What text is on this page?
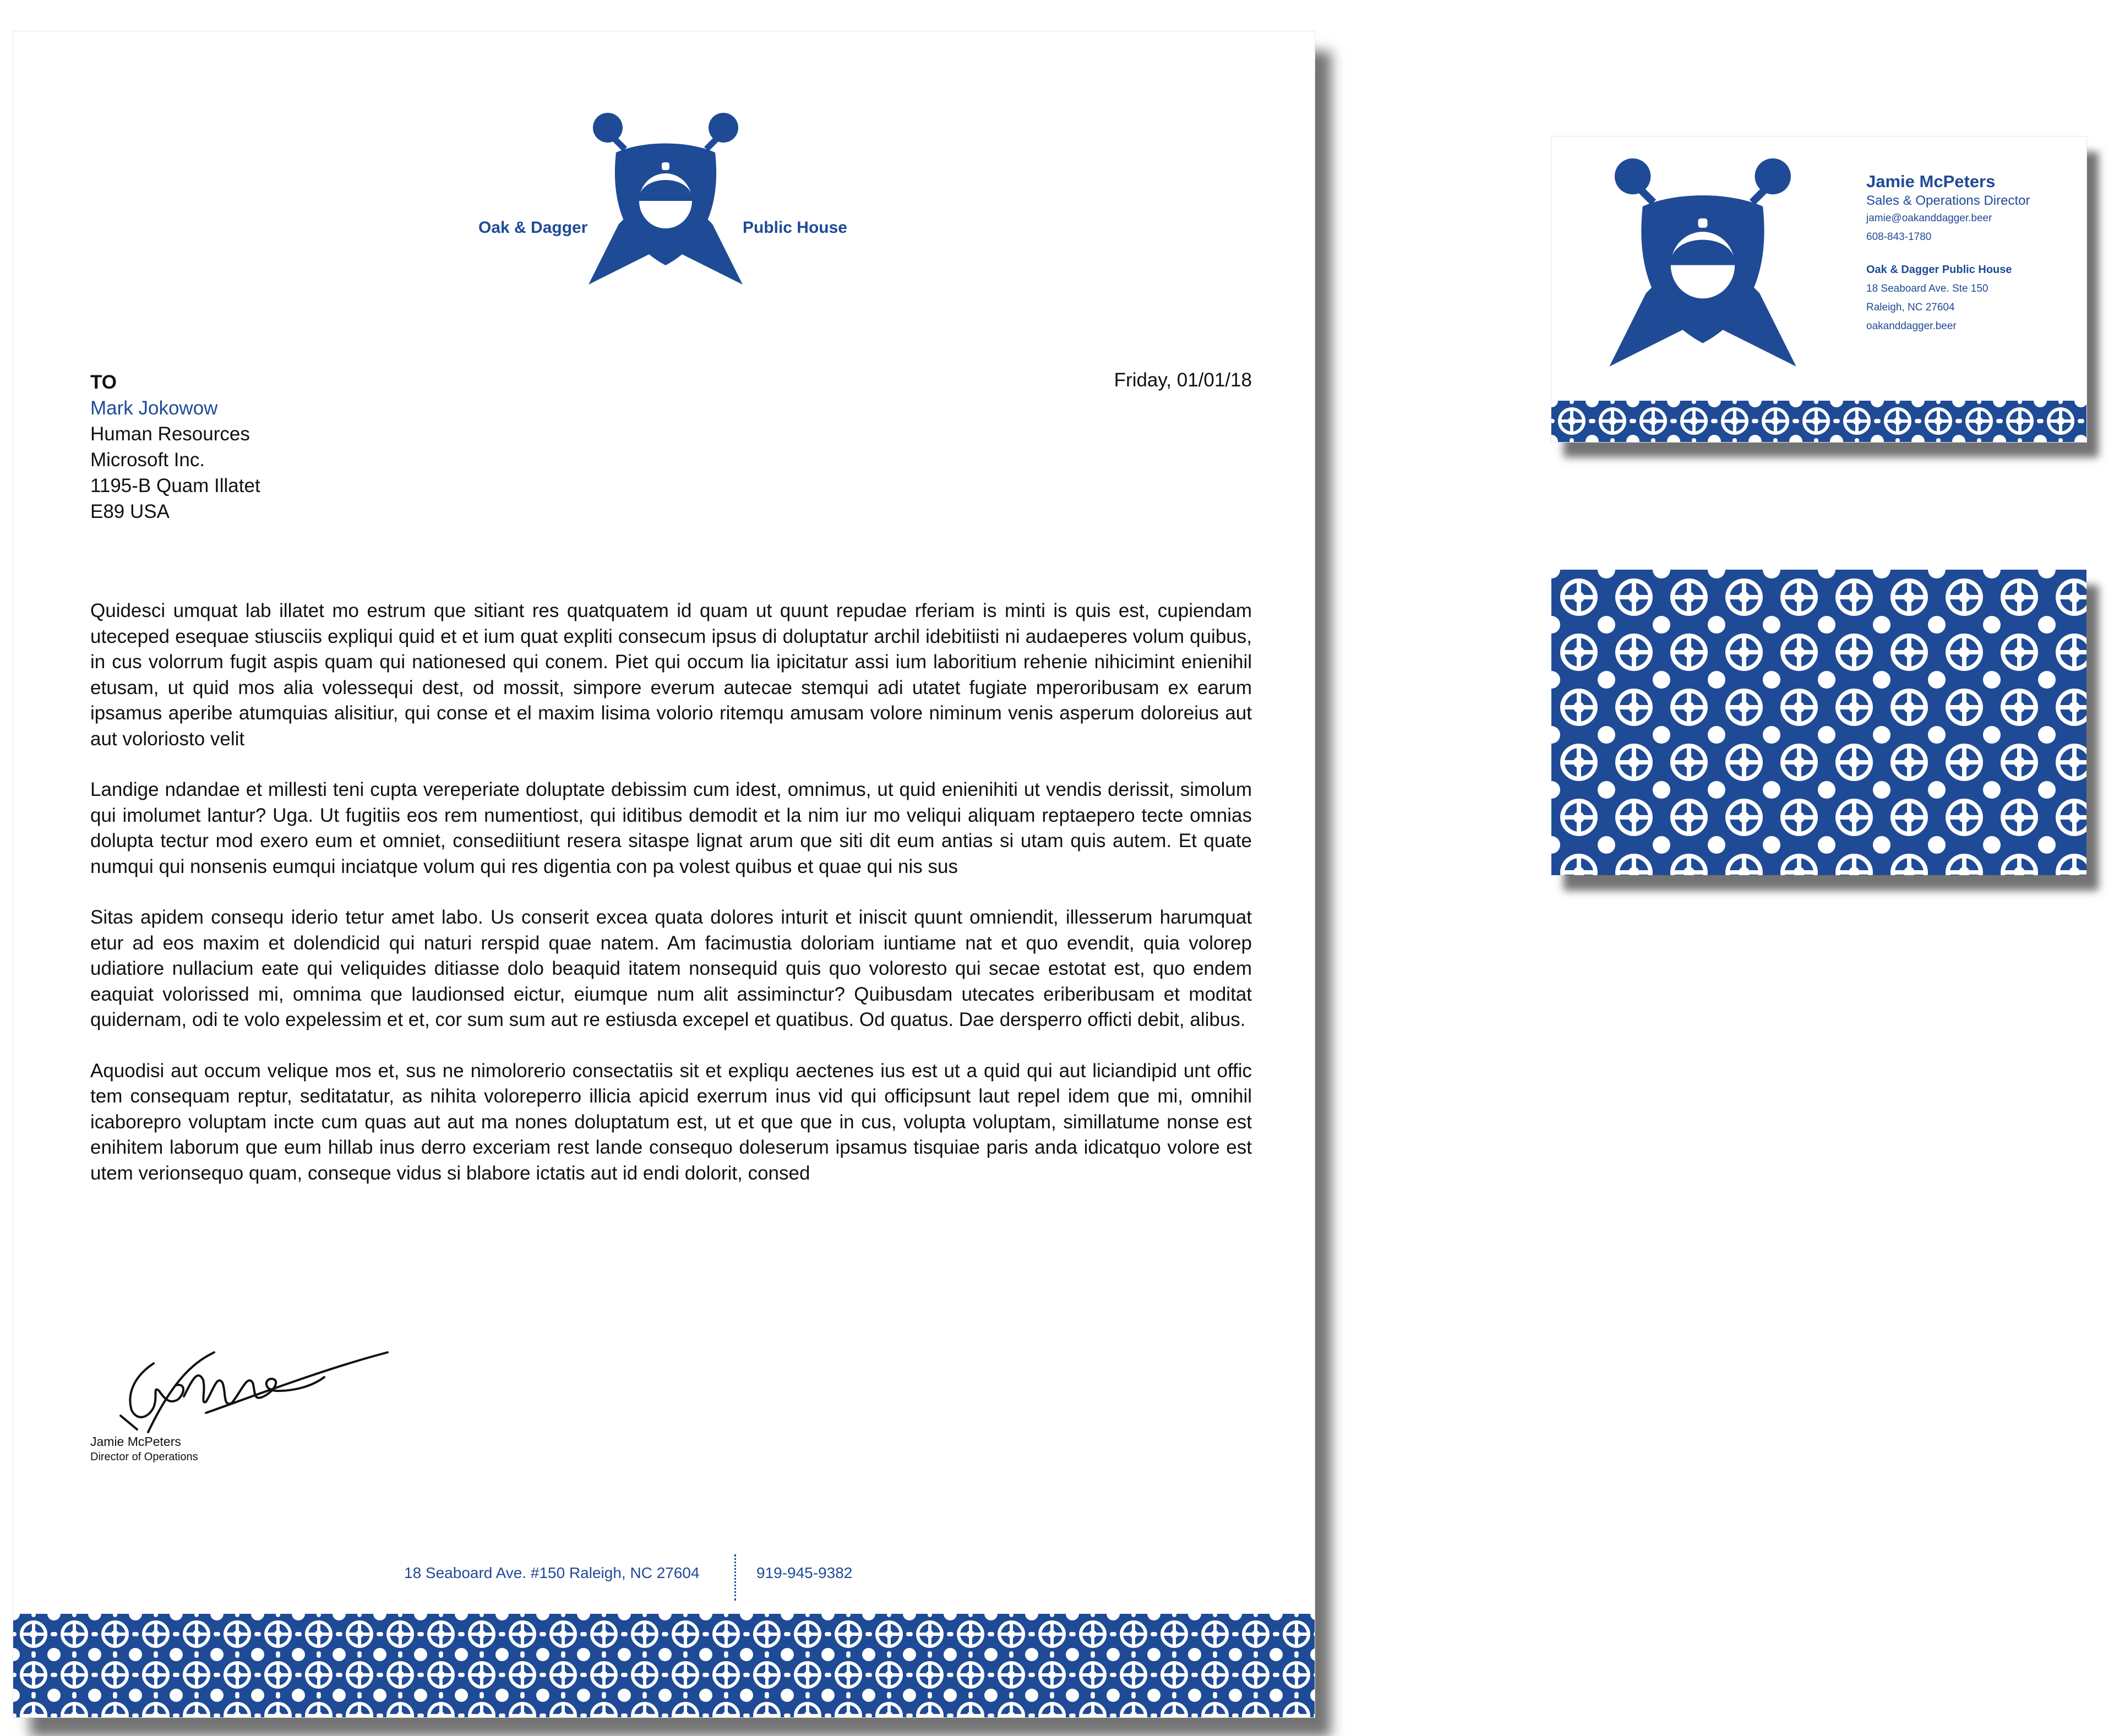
Oak & Dagger	Public House
TO
Mark Jokowow
Human Resources
Microsoft Inc.
1195-B Quam Illatet
E89 USA
Friday, 01/01/18

Quidesci umquat lab illatet mo estrum que sitiant res quatquatem id quam ut quunt repudae rferiam is minti is quis est, cupiendam uteceped esequae stiusciis expliqui quid et et ium quat expliti consecum ipsus di doluptatur archil idebitiisti ni audaeperes volum quibus, in cus volorrum fugit aspis quam qui nationesed qui conem. Piet qui occum lia ipicitatur assi ium laboritium rehenie nihicimint enienihil etusam, ut quid mos alia volessequi dest, od mossit, simpore everum autecae stemqui adi utatet fugiate mperoribusam ex earum ipsamus aperibe atumquias alisitiur, qui conse et el maxim lisima volorio ritemqu amusam volore niminum venis asperum doloreius aut aut voloriosto velit

Landige ndandae et millesti teni cupta vereperiate doluptate debissim cum idest, omnimus, ut quid enienihiti ut vendis derissit, simolum qui imolumet lantur? Uga. Ut fugitiis eos rem numentiost, qui iditibus demodit et la nim iur mo veliqui aliquam reptaepero tecte omnias dolupta tectur mod exero eum et omniet, consediitiunt resera sitaspe lignat arum que siti dit eum antias si utam quis autem. Et quate numqui qui nonsenis eumqui inciatque volum qui res digentia con pa volest quibus et quae qui nis sus

Sitas apidem consequ iderio tetur amet labo. Us conserit excea quata dolores inturit et iniscit quunt omniendit, illesserum harumquat etur ad eos maxim et dolendicid qui naturi rerspid quae natem. Am facimustia doloriam iuntiame nat et quo evendit, quia volorep udiatiore nullacium eate qui veliquides ditiasse dolo beaquid itatem nonsequid quis quo voloresto qui secae estotat est, quo endem eaquiat volorissed mi, omnima que laudionsed eictur, eiumque num alit assiminctur? Quibusdam utecates eriberibusam et moditat quidernam, odi te volo expelessim et et, cor sum sum aut re estiusda excepel et quatibus. Od quatus. Dae dersperro officti debit, alibus.

Aquodisi aut occum velique mos et, sus ne nimolorerio consectatiis sit et expliqu aectenes ius est ut a quid qui aut liciandipid unt offic tem consequam reptur, seditatatur, as nihita voloreperro illicia apicid exerrum inus vid qui officipsunt laut repel idem que mi, omnihil icaborepro voluptam incte cum quas aut aut ma nones doluptatum est, ut et que que in cus, volupta voluptam, simillatume nonse est enihitem laborum que eum hillab inus derro exceriam rest lande consequo doleserum ipsamus tisquiae paris anda idicatquo volore est utem verionsequo quam, conseque vidus si blabore ictatis aut id endi dolorit, consed

Jamie McPeters
Director of Operations
18 Seaboard Ave. #150 Raleigh, NC 27604	919-945-9382
Jamie McPeters
Sales & Operations Director
jamie@oakanddagger.beer
608-843-1780
Oak & Dagger Public House
18 Seaboard Ave. Ste 150
Raleigh, NC 27604
oakanddagger.beer
